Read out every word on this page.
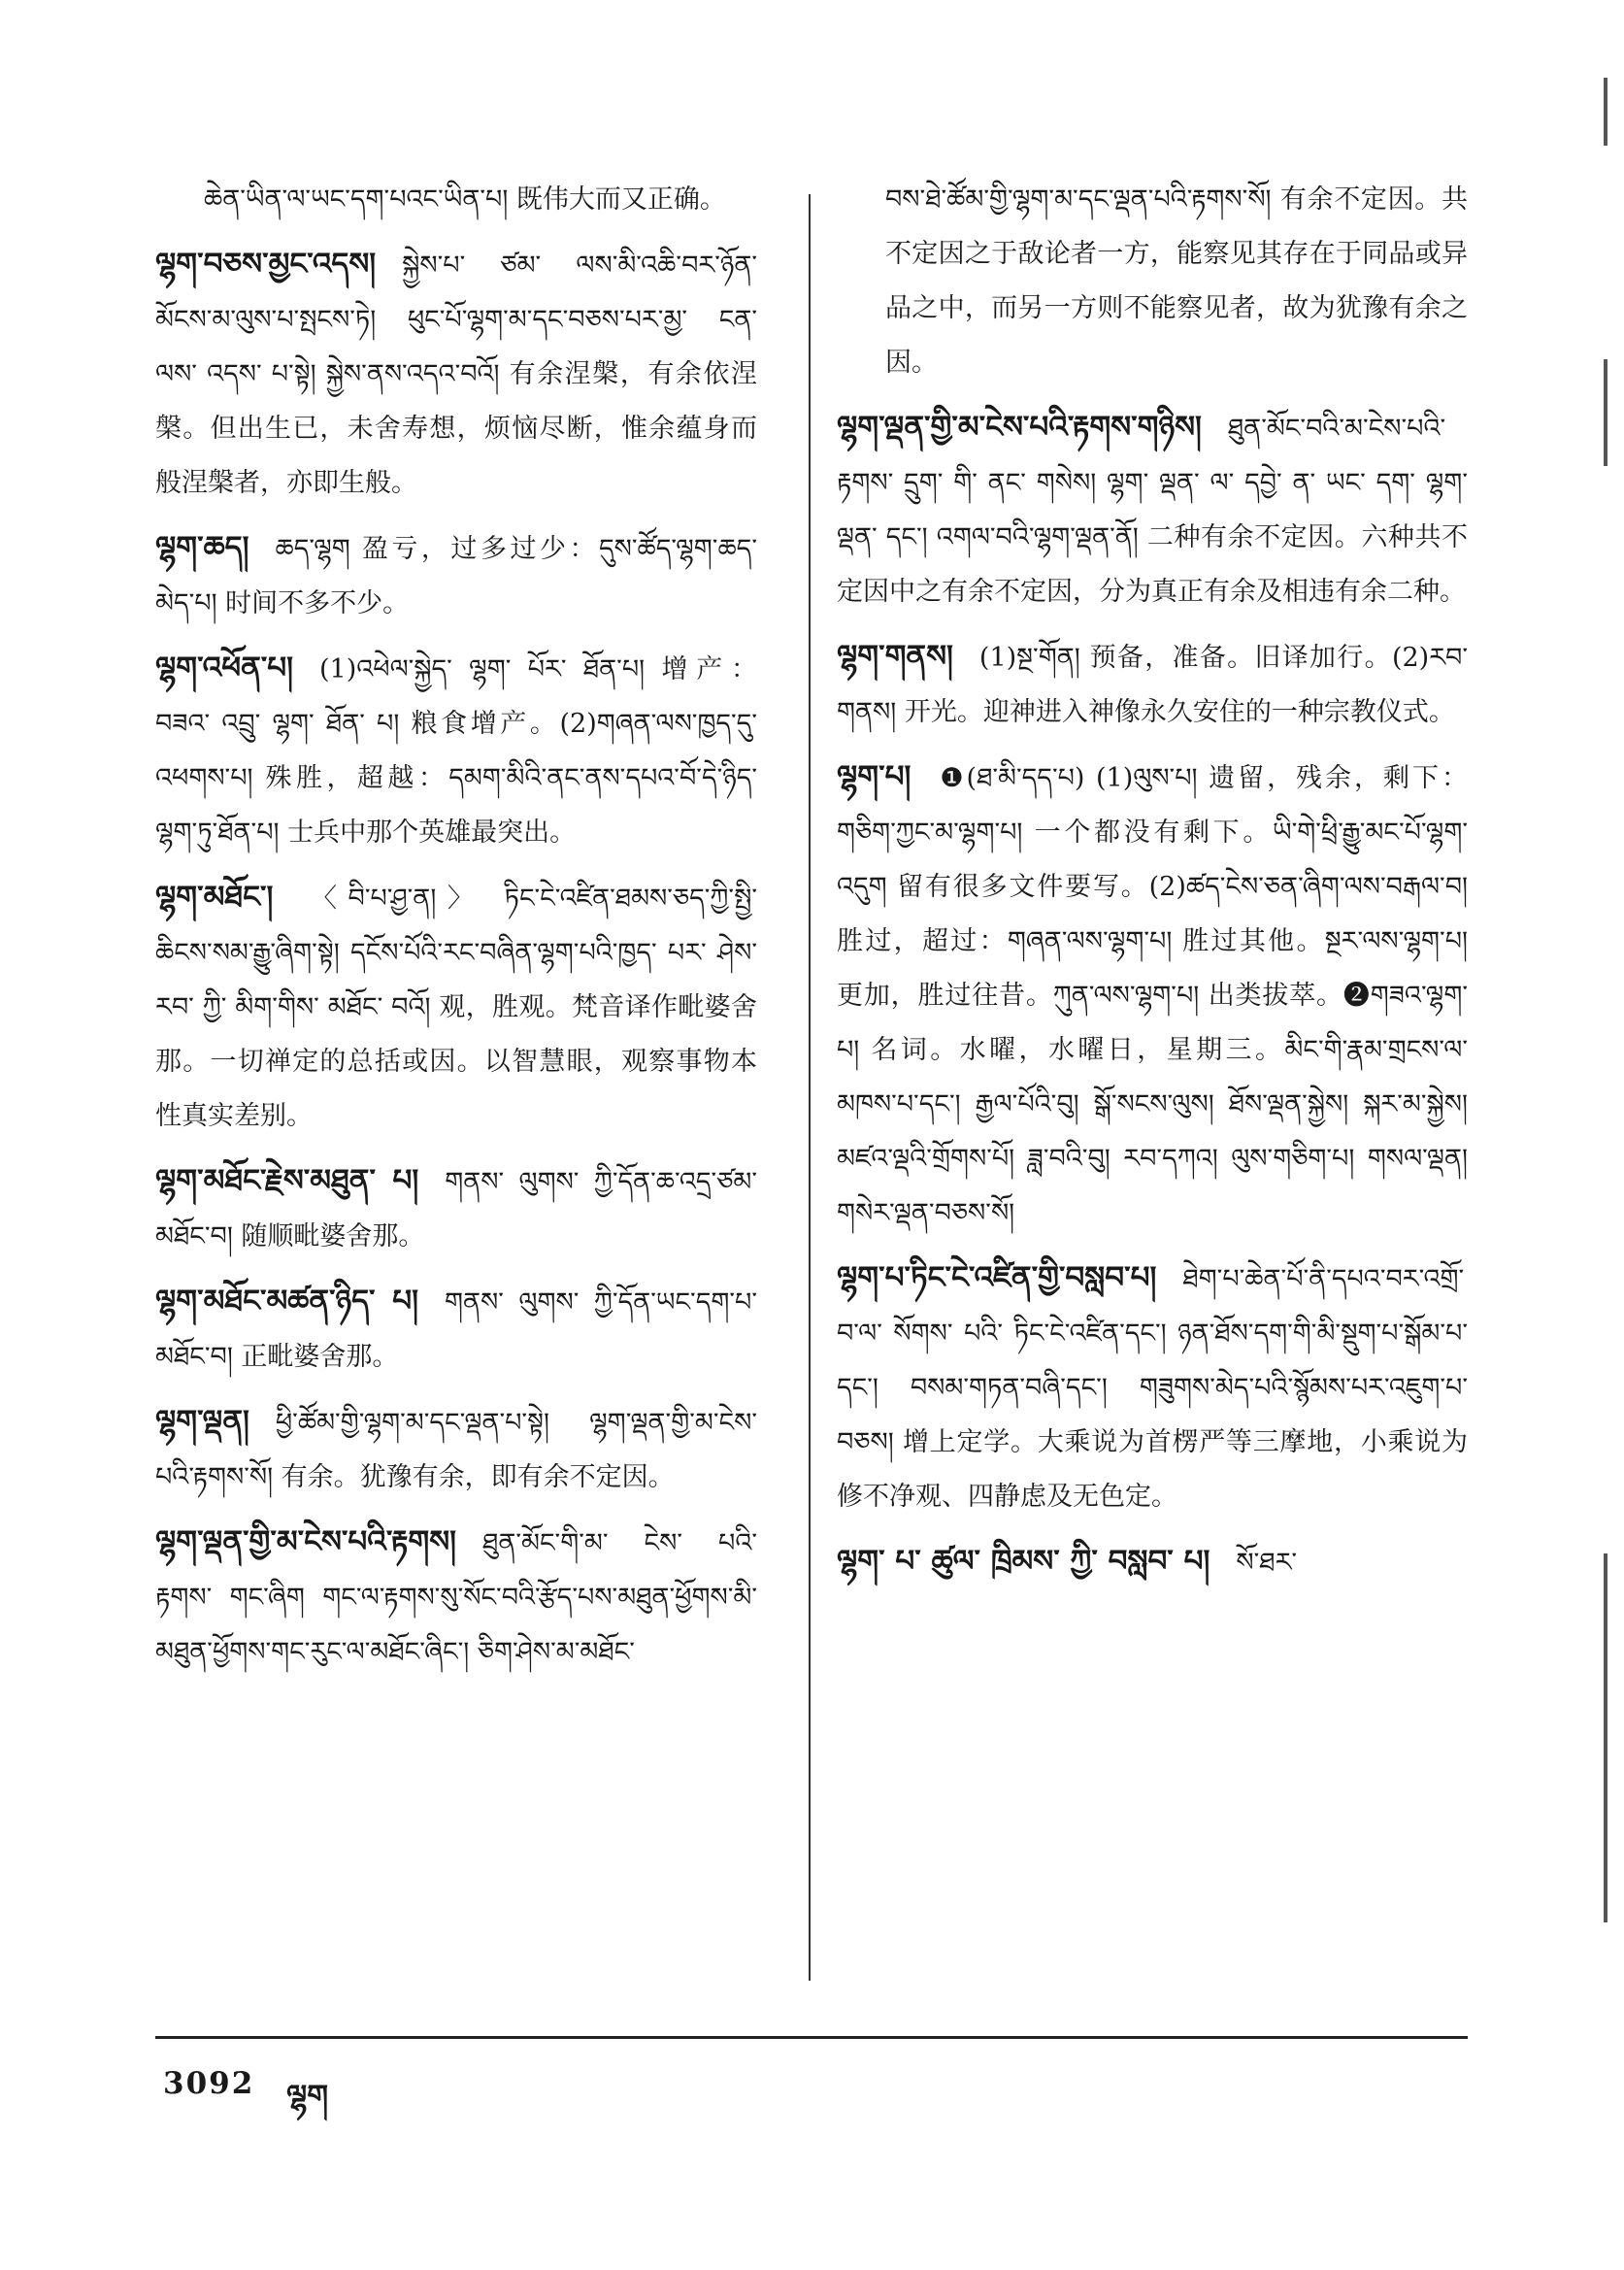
ཆེན་ཡིན་ལ་ཡང་དག་པའང་ཡིན་པ། 既伟大而又正确。
ལྷག་བཅས་མྱང་འདས།  སྐྱེས་པ་ ཙམ་ ལས་མི་འཆི་བར་ཉོན་མོངས་མ་ལུས་པ་སྤངས་ཏེ། ཕུང་པོ་ལྷག་མ་དང་བཅས་པར་མྱ་ ངན་ ལས་ འདས་ པ་སྟེ། སྐྱེས་ནས་འདའ་བའོ། 有余涅槃，有余依涅槃。但出生已，未舍寿想，烦恼尽断，惟余蕴身而般涅槃者，亦即生般。
ལྷག་ཆད།  ཆད་ལྷག 盈亏，过多过少：དུས་ཚོད་ལྷག་ཆད་མེད་པ། 时间不多不少。
ལྷག་འཕོན་པ།  (1)འཕེལ་སྐྱེད་ ལྷག་ པོར་ ཐོན་པ། 增产：བཟའ་ འབྲུ་ ལྷག་ ཐོན་ པ། 粮食增产。(2)གཞན་ལས་ཁྱད་དུ་འཕགས་པ། 殊胜，超越：དམག་མིའི་ནང་ནས་དཔའ་བོ་དེ་ཉིད་ལྷག་ཏུ་ཐོན་པ། 士兵中那个英雄最突出。
ལྷག་མཐོང་།  〈བི་པ་ཤྱ་ན།〉 ཏིང་ངེ་འཛིན་ཐམས་ཅད་ཀྱི་སྤྱི་ཆིངས་སམ་རྒྱུ་ཞིག་སྟེ། དངོས་པོའི་རང་བཞིན་ལྷག་པའི་ཁྱད་ པར་ ཤེས་ རབ་ ཀྱི་ མིག་གིས་ མཐོང་ བའོ། 观，胜观。梵音译作毗婆舍那。一切禅定的总括或因。以智慧眼，观察事物本性真实差别。
ལྷག་མཐོང་རྗེས་མཐུན་ པ།  གནས་ ལུགས་ ཀྱི་དོན་ཆ་འདྲ་ཙམ་མཐོང་བ། 随顺毗婆舍那。
ལྷག་མཐོང་མཚན་ཉིད་ པ།  གནས་ ལུགས་ ཀྱི་དོན་ཡང་དག་པ་མཐོང་བ། 正毗婆舍那。
ལྷག་ལྡན།  ཕྱི་ཚོམ་གྱི་ལྷག་མ་དང་ལྡན་པ་སྟེ། ལྷག་ལྡན་གྱི་མ་ངེས་པའི་རྟགས་སོ། 有余。犹豫有余，即有余不定因。
ལྷག་ལྡན་གྱི་མ་ངེས་པའི་རྟགས།  ཐུན་མོང་གི་མ་ ངེས་ པའི་ རྟགས་ གང་ཞིག གང་ལ་རྟགས་སུ་སོང་བའི་རྩོད་པས་མཐུན་ཕྱོགས་མི་མཐུན་ཕྱོགས་གང་རུང་ལ་མཐོང་ཞིང་། ཅིག་ཤེས་མ་མཐོང་
བས་ཐེ་ཚོམ་གྱི་ལྷག་མ་དང་ལྡན་པའི་རྟགས་སོ། 有余不定因。共不定因之于敌论者一方，能察见其存在于同品或异品之中，而另一方则不能察见者，故为犹豫有余之因。
ལྷག་ལྡན་གྱི་མ་ངེས་པའི་རྟགས་གཉིས།  ཐུན་མོང་བའི་མ་ངེས་པའི་རྟགས་ དྲུག་ གི་ ནང་ གསེས། ལྷག་ ལྡན་ ལ་ དབྱེ་ ན་ ཡང་ དག་ ལྷག་ ལྡན་ དང་། འགལ་བའི་ལྷག་ལྡན་ནོ། 二种有余不定因。六种共不定因中之有余不定因，分为真正有余及相违有余二种。
ལྷག་གནས།  (1)སྔ་གོན། 预备，准备。旧译加行。(2)རབ་གནས། 开光。迎神进入神像永久安住的一种宗教仪式。
ལྷག་པ།  ❶(ཐ་མི་དད་པ) (1)ལུས་པ། 遗留，残余，剩下：གཅིག་ཀྱང་མ་ལྷག་པ། 一个都没有剩下。ཡི་གེ་ཕྲི་རྒྱུ་མང་པོ་ལྷག་འདུག 留有很多文件要写。(2)ཚད་ངེས་ཅན་ཞིག་ལས་བརྒལ་བ། 胜过，超过：གཞན་ལས་ལྷག་པ། 胜过其他。སྔར་ལས་ལྷག་པ། 更加，胜过往昔。ཀུན་ལས་ལྷག་པ། 出类拔萃。❷གཟའ་ལྷག་པ། 名词。水曜，水曜日，星期三。མིང་གི་རྣམ་གྲངས་ལ་མཁས་པ་དང་། རྒྱལ་པོའི་བུ། སྒོ་སངས་ལུས། ཐོས་ལྡན་སྐྱེས། སྐར་མ་སྐྱེས། མཛའ་ལྡའི་གྲོགས་པོ། ཟླ་བའི་བུ། རབ་དཀའ། ལུས་གཅིག་པ། གསལ་ལྡན། གསེར་ལྡན་བཅས་སོ།
ལྷག་པ་ཏིང་ངེ་འཛིན་གྱི་བསླབ་པ།  ཐེག་པ་ཆེན་པོ་ནི་དཔའ་བར་འགྲོ་བ་ལ་ སོགས་ པའི་ ཏིང་ངེ་འཛིན་དང་། ཉན་ཐོས་དག་གི་མི་སྡུག་པ་སྒོམ་པ་དང་། བསམ་གཏན་བཞི་དང་། གཟུགས་མེད་པའི་སྙོམས་པར་འཇུག་པ་བཅས། 增上定学。大乘说为首楞严等三摩地，小乘说为修不净观、四静虑及无色定。
ལྷག་ པ་ ཚུལ་ ཁྲིམས་ ཀྱི་ བསླབ་ པ།  སོ་ཐར་
3092 ལྷག
